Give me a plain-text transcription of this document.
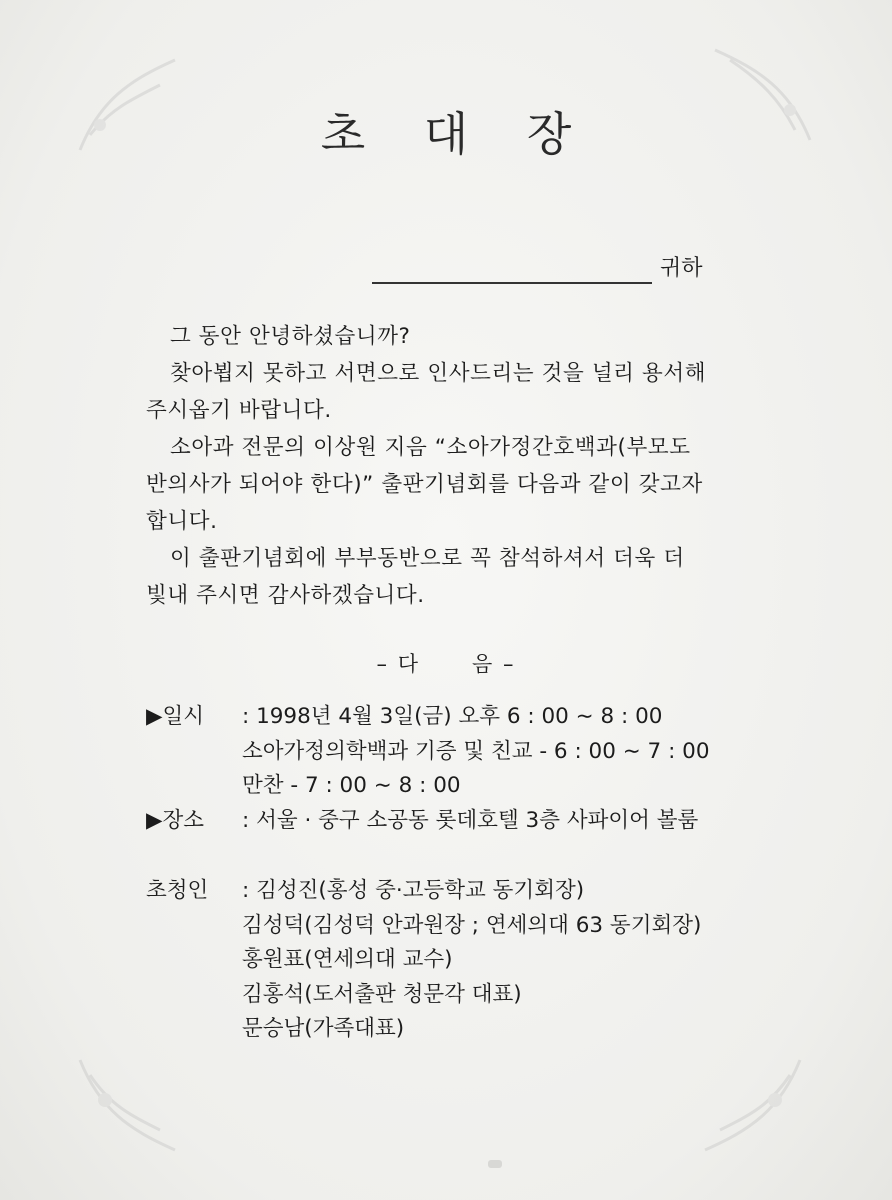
초 대 장
귀하

그 동안 안녕하셨습니까?

찾아뵙지 못하고 서면으로 인사드리는 것을 널리 용서해

주시옵기 바랍니다.

소아과 전문의 이상원 지음 “소아가정간호백과(부모도

반의사가 되어야 한다)” 출판기념회를 다음과 같이 갖고자

합니다.

이 출판기념회에 부부동반으로 꼭 참석하셔서 더욱 더

빛내 주시면 감사하겠습니다.

– 다 음 –
▶일시	: 1998년 4월 3일(금) 오후 6 : 00 ∼ 8 : 00
소아가정의학백과 기증 및 친교 - 6 : 00 ∼ 7 : 00
만찬 - 7 : 00 ∼ 8 : 00
▶장소	: 서울 · 중구 소공동 롯데호텔 3층 사파이어 볼룸
초청인	: 김성진(홍성 중·고등학교 동기회장)
김성덕(김성덕 안과원장 ; 연세의대 63 동기회장)
홍원표(연세의대 교수)
김홍석(도서출판 청문각 대표)
문승남(가족대표)
